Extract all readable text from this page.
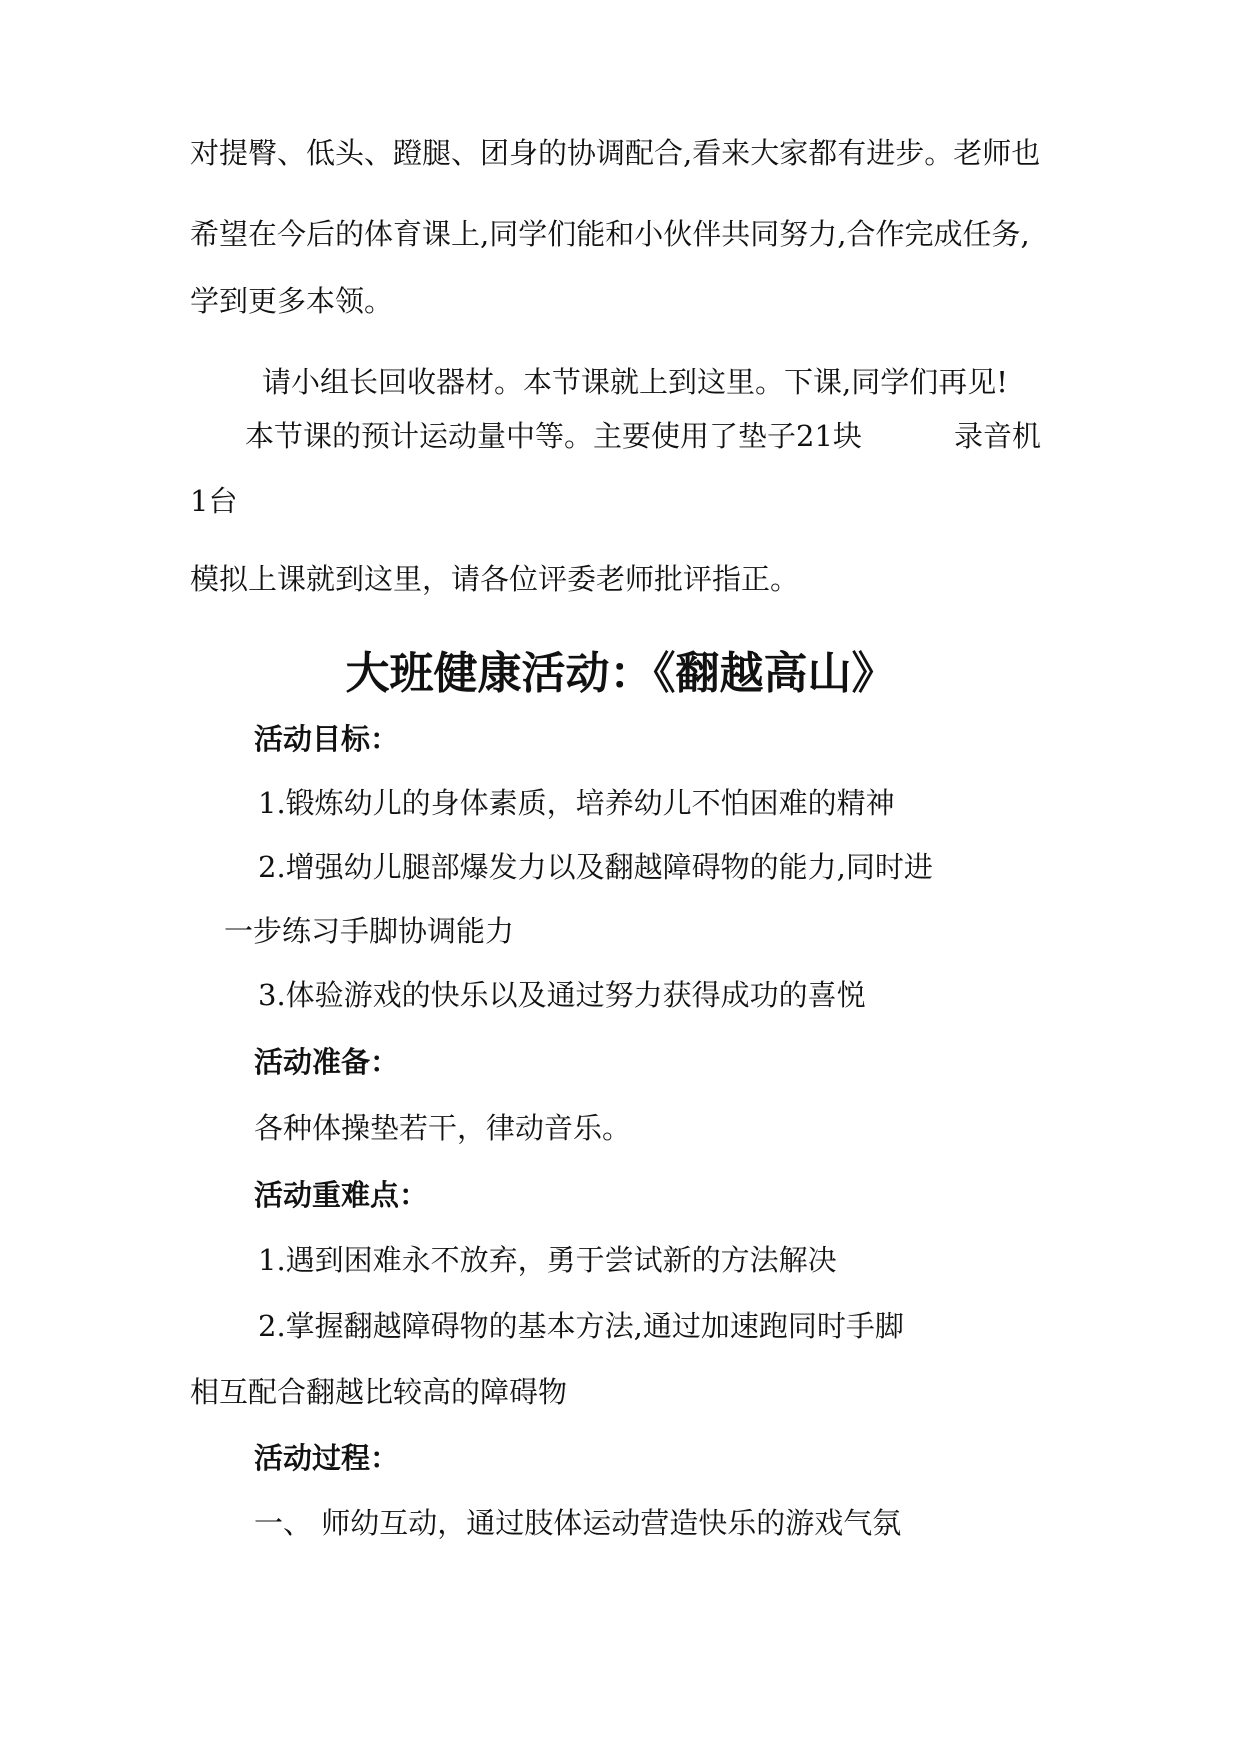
对提臀、低头、蹬腿、团身的协调配合,看来大家都有进步。老师也
希望在今后的体育课上,同学们能和小伙伴共同努力,合作完成任务,
学到更多本领。
请小组长回收器材。本节课就上到这里。下课,同学们再见!
本节课的预计运动量中等。主要使用了垫子21块	录音机
1台
模拟上课就到这里，请各位评委老师批评指正。
大班健康活动：《翻越高山》
活动目标：
1.锻炼幼儿的身体素质，培养幼儿不怕困难的精神
2.增强幼儿腿部爆发力以及翻越障碍物的能力,同时进
一步练习手脚协调能力
3.体验游戏的快乐以及通过努力获得成功的喜悦
活动准备：
各种体操垫若干，律动音乐。
活动重难点：
1.遇到困难永不放弃，勇于尝试新的方法解决
2.掌握翻越障碍物的基本方法,通过加速跑同时手脚
相互配合翻越比较高的障碍物
活动过程：
一、 师幼互动，通过肢体运动营造快乐的游戏气氛
